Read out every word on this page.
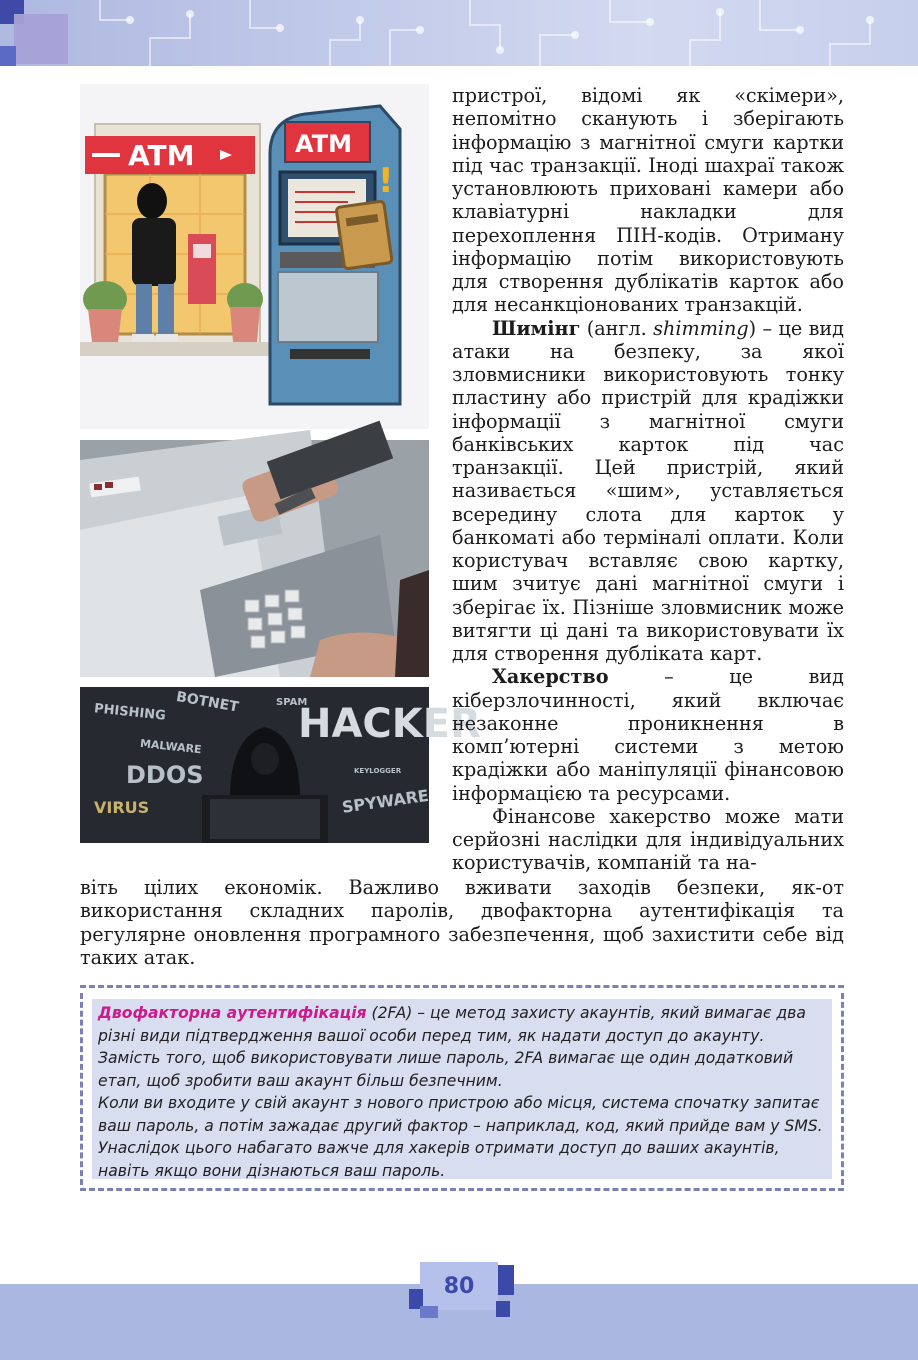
ATM	ATM
!
PHISHING BOTNET	SPAM
MALWARE HACKER
DDOS
VIRUS
KEYLOGGER
SPYWARE

пристрої, відомі як «скімери», непомітно сканують і зберігають інформацію з магнітної смуги картки під час транзакції. Іноді шахраї також установлюють приховані камери або клавіатурні накладки для перехоплення ПІН-кодів. Отриману інформацію потім використовують для створення дублікатів карток або для несанкціонованих транзакцій.

Шимінг (англ. shimming) – це вид атаки на безпеку, за якої зловмисники використовують тонку пластину або пристрій для крадіжки інформації з магнітної смуги банківських карток під час транзакції. Цей пристрій, який називається «шим», уставляється всередину слота для карток у банкоматі або терміналі оплати. Коли користувач вставляє свою картку, шим зчитує дані магнітної смуги і зберігає їх. Пізніше зловмисник може витягти ці дані та використовувати їх для створення дубліката карт.

Хакерство – це вид кіберзлочинності, який включає незаконне проникнення в комп’ютерні системи з метою крадіжки або маніпуляції фінансовою інформацією та ресурсами.

Фінансове хакерство може мати серйозні наслідки для індивідуальних користувачів, компаній та на-

віть цілих економік. Важливо вживати заходів безпеки, як-от використання складних паролів, двофакторна аутентифікація та регулярне оновлення програмного забезпечення, щоб захистити себе від таких атак.

Двофакторна аутентифікація (2FA) – це метод захисту акаунтів, який вимагає два різні види підтвердження вашої особи перед тим, як надати доступ до акаунту. Замість того, щоб використовувати лише пароль, 2FA вимагає ще один додатковий етап, щоб зробити ваш акаунт більш безпечним.

Коли ви входите у свій акаунт з нового пристрою або місця, система спочатку запитає ваш пароль, а потім зажадає другий фактор – наприклад, код, який прийде вам у SMS. Унаслідок цього набагато важче для хакерів отримати доступ до ваших акаунтів, навіть якщо вони дізнаються ваш пароль.

80
